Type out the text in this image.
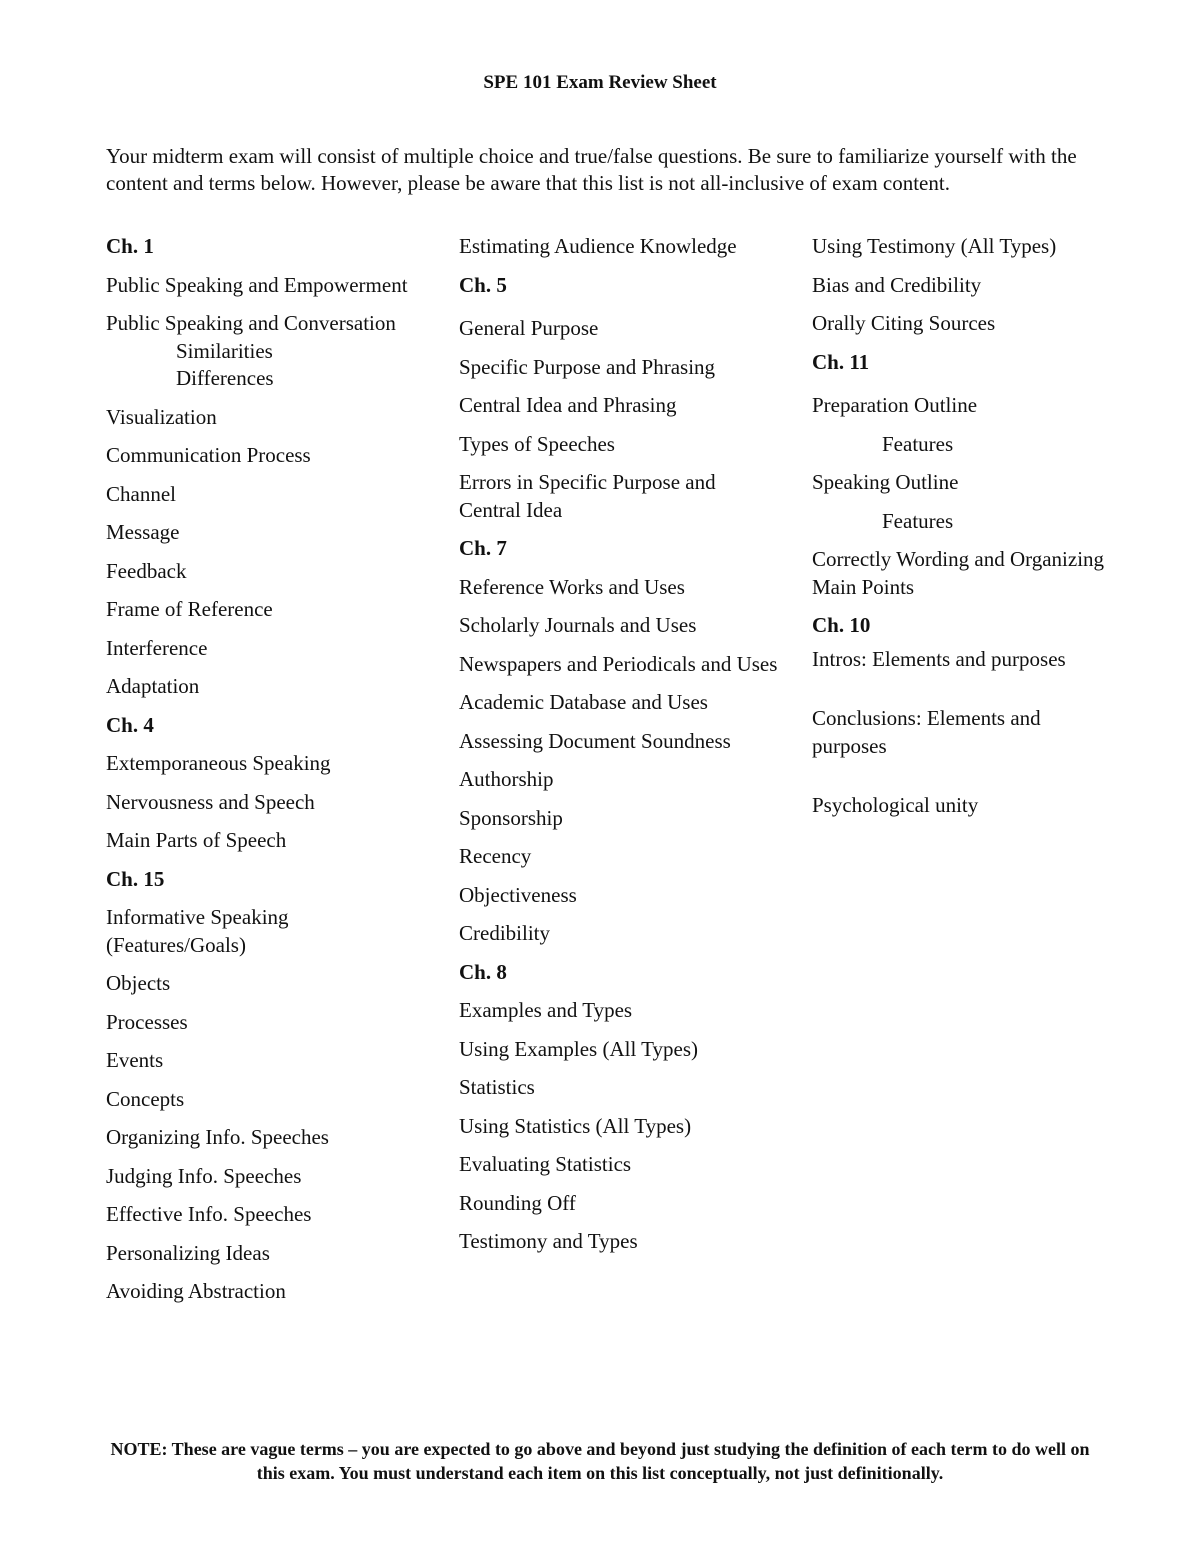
SPE 101 Exam Review Sheet
Your midterm exam will consist of multiple choice and true/false questions. Be sure to familiarize yourself with the content and terms below. However, please be aware that this list is not all-inclusive of exam content.
Ch. 1
Public Speaking and Empowerment
Public Speaking and Conversation
Similarities
Differences
Visualization
Communication Process
Channel
Message
Feedback
Frame of Reference
Interference
Adaptation
Ch. 4
Extemporaneous Speaking
Nervousness and Speech
Main Parts of Speech
Ch. 15
Informative Speaking (Features/Goals)
Objects
Processes
Events
Concepts
Organizing Info. Speeches
Judging Info. Speeches
Effective Info. Speeches
Personalizing Ideas
Avoiding Abstraction
Estimating Audience Knowledge
Ch. 5
General Purpose
Specific Purpose and Phrasing
Central Idea and Phrasing
Types of Speeches
Errors in Specific Purpose and Central Idea
Ch. 7
Reference Works and Uses
Scholarly Journals and Uses
Newspapers and Periodicals and Uses
Academic Database and Uses
Assessing Document Soundness
Authorship
Sponsorship
Recency
Objectiveness
Credibility
Ch. 8
Examples and Types
Using Examples (All Types)
Statistics
Using Statistics (All Types)
Evaluating Statistics
Rounding Off
Testimony and Types
Using Testimony (All Types)
Bias and Credibility
Orally Citing Sources
Ch. 11
Preparation Outline
Features
Speaking Outline
Features
Correctly Wording and Organizing Main Points
Ch. 10
Intros: Elements and purposes
Conclusions: Elements and purposes
Psychological unity
NOTE: These are vague terms – you are expected to go above and beyond just studying the definition of each term to do well on this exam. You must understand each item on this list conceptually, not just definitionally.
